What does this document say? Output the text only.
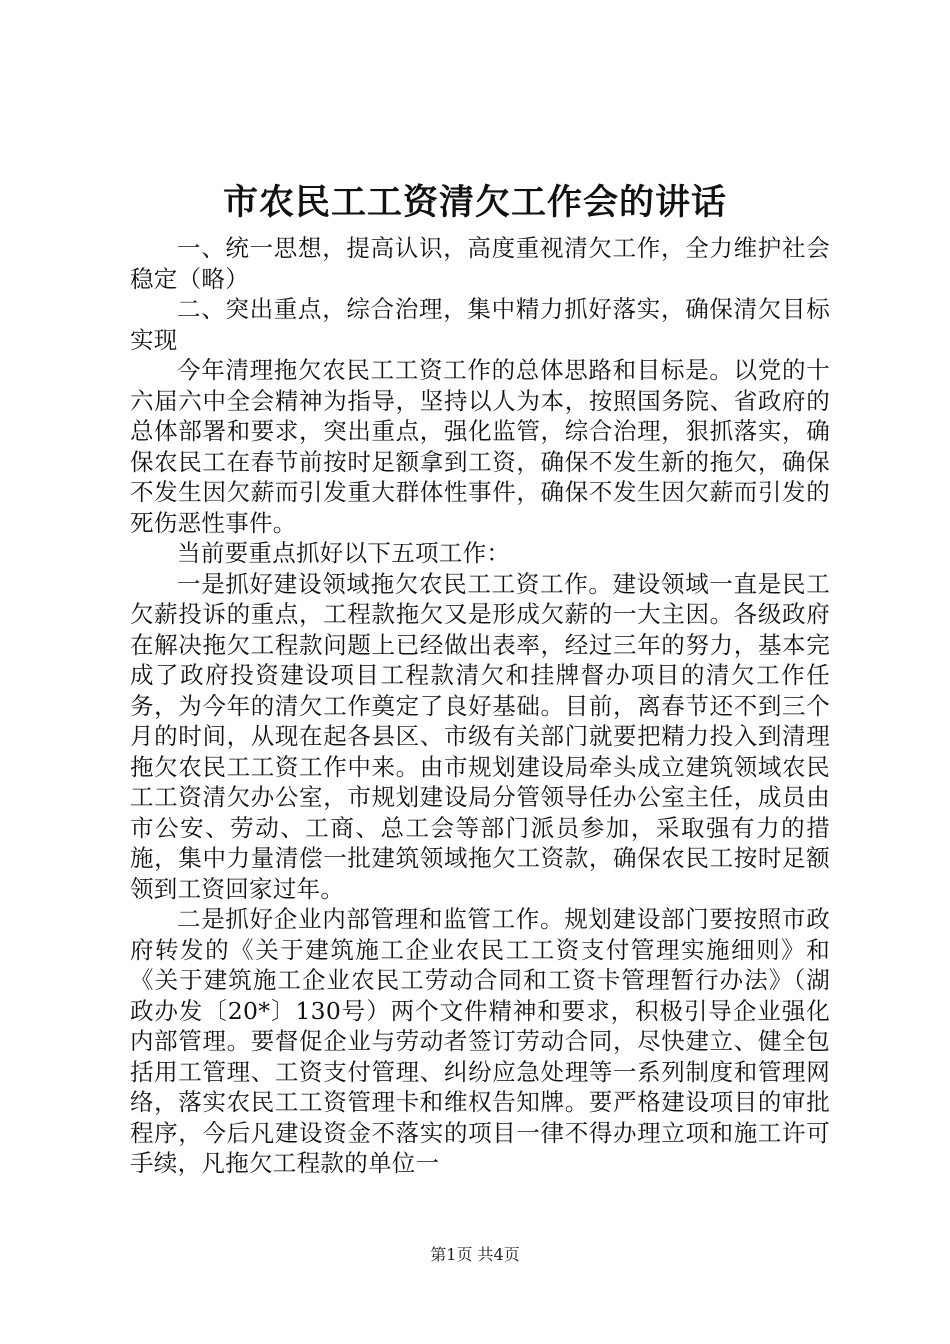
市农民工工资清欠工作会的讲话

一、统一思想，提高认识，高度重视清欠工作，全力维护社会稳定（略）

二、突出重点，综合治理，集中精力抓好落实，确保清欠目标实现

今年清理拖欠农民工工资工作的总体思路和目标是。以党的十六届六中全会精神为指导，坚持以人为本，按照国务院、省政府的总体部署和要求，突出重点，强化监管，综合治理，狠抓落实，确保农民工在春节前按时足额拿到工资，确保不发生新的拖欠，确保不发生因欠薪而引发重大群体性事件，确保不发生因欠薪而引发的死伤恶性事件。

当前要重点抓好以下五项工作：

一是抓好建设领域拖欠农民工工资工作。建设领域一直是民工欠薪投诉的重点，工程款拖欠又是形成欠薪的一大主因。各级政府在解决拖欠工程款问题上已经做出表率，经过三年的努力，基本完成了政府投资建设项目工程款清欠和挂牌督办项目的清欠工作任务，为今年的清欠工作奠定了良好基础。目前，离春节还不到三个月的时间，从现在起各县区、市级有关部门就要把精力投入到清理拖欠农民工工资工作中来。由市规划建设局牵头成立建筑领域农民工工资清欠办公室，市规划建设局分管领导任办公室主任，成员由市公安、劳动、工商、总工会等部门派员参加，采取强有力的措施，集中力量清偿一批建筑领域拖欠工资款，确保农民工按时足额领到工资回家过年。

二是抓好企业内部管理和监管工作。规划建设部门要按照市政府转发的《关于建筑施工企业农民工工资支付管理实施细则》和《关于建筑施工企业农民工劳动合同和工资卡管理暂行办法》（湖政办发〔20*〕130号）两个文件精神和要求，积极引导企业强化内部管理。要督促企业与劳动者签订劳动合同，尽快建立、健全包括用工管理、工资支付管理、纠纷应急处理等一系列制度和管理网络，落实农民工工资管理卡和维权告知牌。要严格建设项目的审批程序，今后凡建设资金不落实的项目一律不得办理立项和施工许可手续，凡拖欠工程款的单位一

第1页 共4页
